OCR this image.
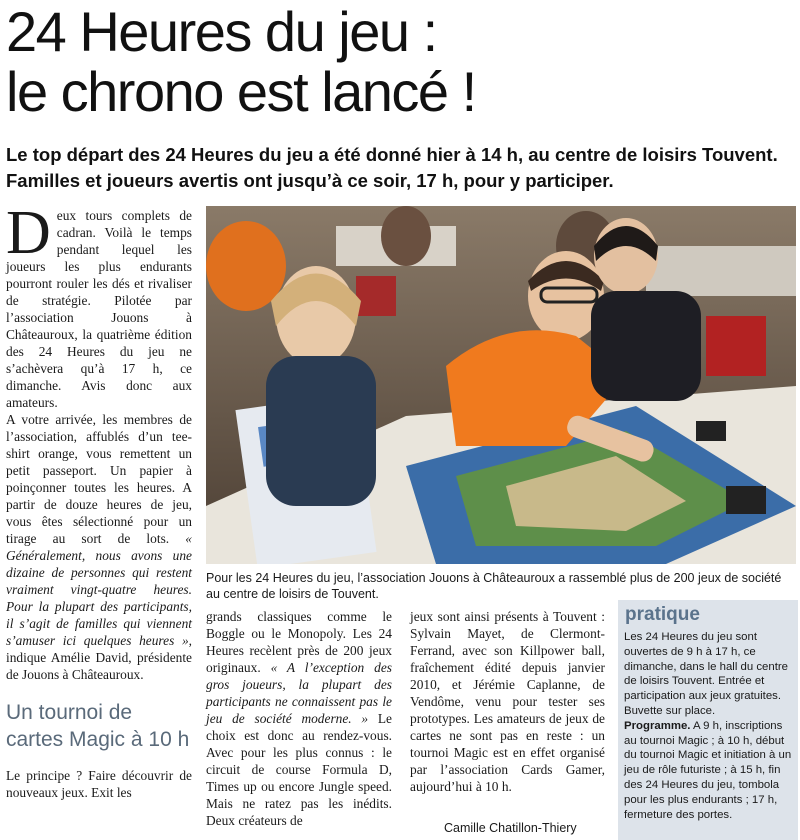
24 Heures du jeu :
le chrono est lancé !
Le top départ des 24 Heures du jeu a été donné hier à 14 h, au centre de loisirs Touvent. Familles et joueurs avertis ont jusqu’à ce soir, 17 h, pour y participer.

Deux tours complets de cadran. Voilà le temps pendant lequel les joueurs les plus endurants pourront rouler les dés et rivaliser de stratégie. Pilotée par l’association Jouons à Châteauroux, la quatrième édition des 24 Heures du jeu ne s’achèvera qu’à 17 h, ce dimanche. Avis donc aux amateurs.

A votre arrivée, les membres de l’association, affublés d’un tee-shirt orange, vous remettent un petit passeport. Un papier à poinçonner toutes les heures. A partir de douze heures de jeu, vous êtes sélectionné pour un tirage au sort de lots. « Généralement, nous avons une dizaine de personnes qui restent vraiment vingt-quatre heures. Pour la plupart des participants, il s’agit de familles qui viennent s’amuser ici quelques heures », indique Amélie David, présidente de Jouons à Châteauroux.

Un tournoi de cartes Magic à 10 h

Le principe ? Faire découvrir de nouveaux jeux. Exit les

Pour les 24 Heures du jeu, l’association Jouons à Châteauroux a rassemblé plus de 200 jeux de société au centre de loisirs de Touvent.

grands classiques comme le Boggle ou le Monopoly. Les 24 Heures recèlent près de 200 jeux originaux. « A l’exception des gros joueurs, la plupart des participants ne connaissent pas le jeu de société moderne. » Le choix est donc au rendez-vous. Avec pour les plus connus : le circuit de course Formula D, Times up ou encore Jungle speed. Mais ne ratez pas les inédits. Deux créateurs de

jeux sont ainsi présents à Touvent : Sylvain Mayet, de Clermont-Ferrand, avec son Killpower ball, fraîchement édité depuis janvier 2010, et Jérémie Caplanne, de Vendôme, venu pour tester ses prototypes. Les amateurs de jeux de cartes ne sont pas en reste : un tournoi Magic est en effet organisé par l’association Cards Gamer, aujourd’hui à 10 h.

Camille Chatillon-Thiery
pratique
Les 24 Heures du jeu sont ouvertes de 9 h à 17 h, ce dimanche, dans le hall du centre de loisirs Touvent. Entrée et participation aux jeux gratuites. Buvette sur place.
Programme. A 9 h, inscriptions au tournoi Magic ; à 10 h, début du tournoi Magic et initiation à un jeu de rôle futuriste ; à 15 h, fin des 24 Heures du jeu, tombola pour les plus endurants ; 17 h, fermeture des portes.
